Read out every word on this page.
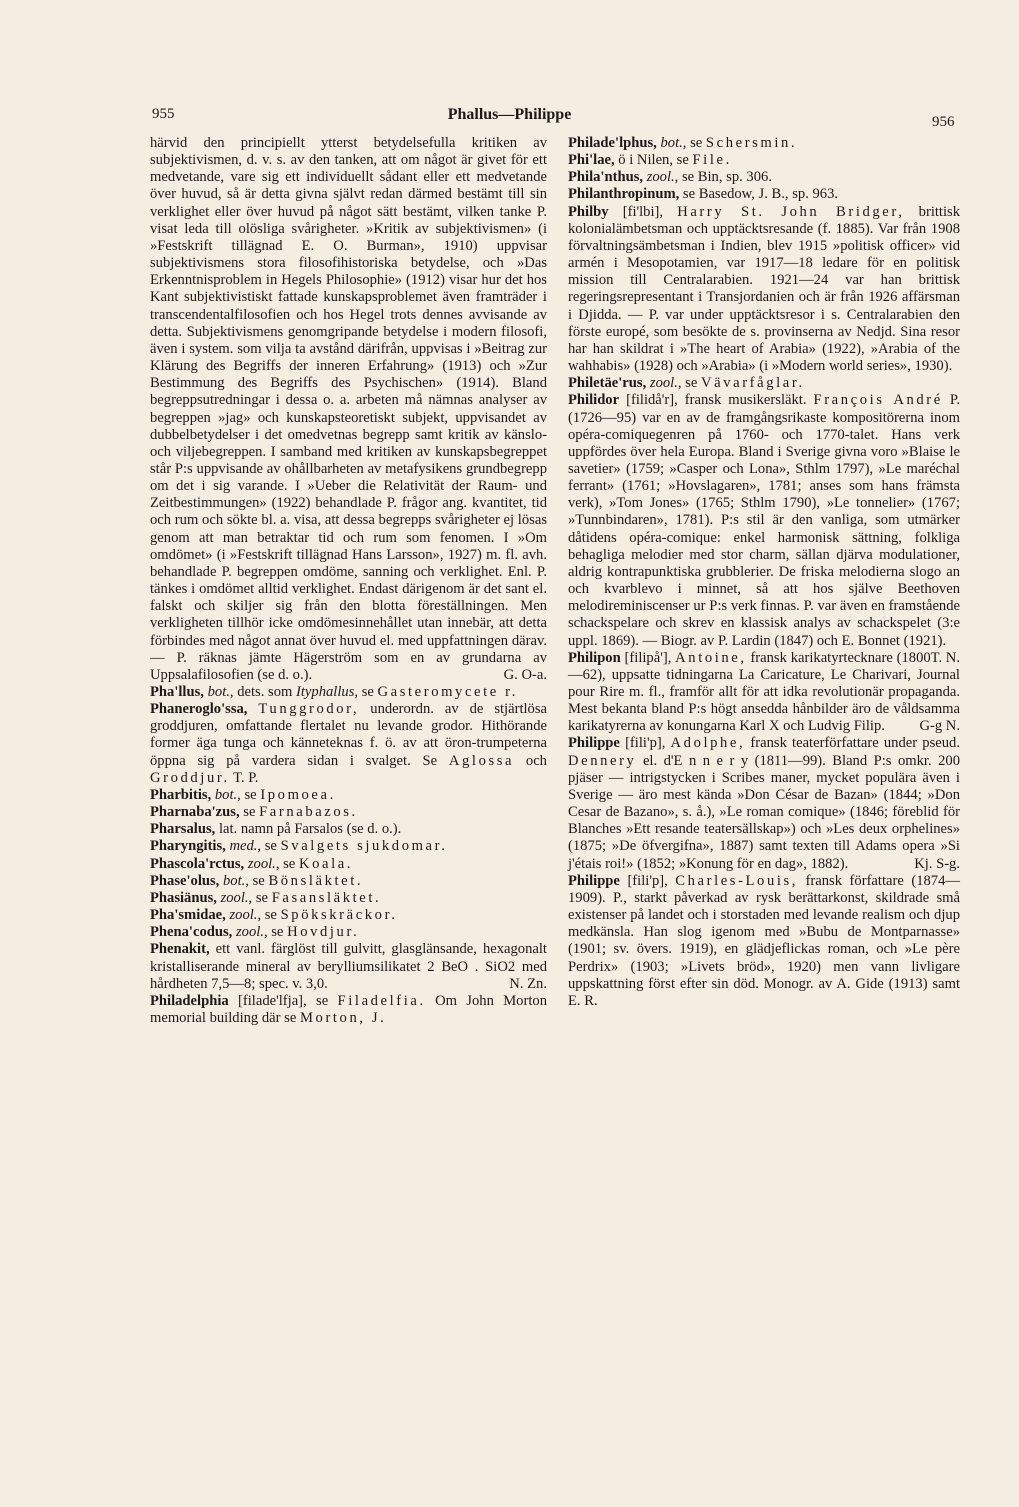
955	Phallus—Philippe	956

härvid den principiellt ytterst betydelsefulla kritiken av subjektivismen, d. v. s. av den tanken, att om något är givet för ett medvetande, vare sig ett individuellt sådant eller ett medvetande över huvud, så är detta givna självt redan därmed bestämt till sin verklighet eller över huvud på något sätt bestämt, vilken tanke P. visat leda till olösliga svårigheter. »Kritik av subjektivismen» (i »Festskrift tillägnad E. O. Burman», 1910) uppvisar subjektivismens stora filosofihistoriska betydelse, och »Das Erkenntnisproblem in Hegels Philosophie» (1912) visar hur det hos Kant subjektivistiskt fattade kunskapsproblemet även framträder i transcendentalfilosofien och hos Hegel trots dennes avvisande av detta. Subjektivismens genomgripande betydelse i modern filosofi, även i system. som vilja ta avstånd därifrån, uppvisas i »Beitrag zur Klärung des Begriffs der inneren Erfahrung» (1913) och »Zur Bestimmung des Begriffs des Psychischen» (1914). Bland begreppsutredningar i dessa o. a. arbeten må nämnas analyser av begreppen »jag» och kunskapsteoretiskt subjekt, uppvisandet av dubbelbetydelser i det omedvetnas begrepp samt kritik av känslo- och viljebegreppen. I samband med kritiken av kunskapsbegreppet står P:s uppvisande av ohållbarheten av metafysikens grundbegrepp om det i sig varande. I »Ueber die Relativität der Raum- und Zeitbestimmungen» (1922) behandlade P. frågor ang. kvantitet, tid och rum och sökte bl. a. visa, att dessa begrepps svårigheter ej lösas genom att man betraktar tid och rum som fenomen. I »Om omdömet» (i »Festskrift tillägnad Hans Larsson», 1927) m. fl. avh. behandlade P. begreppen omdöme, sanning och verklighet. Enl. P. tänkes i omdömet alltid verklighet. Endast därigenom är det sant el. falskt och skiljer sig från den blotta föreställningen. Men verkligheten tillhör icke omdömesinnehållet utan innebär, att detta förbindes med något annat över huvud el. med uppfattningen därav. — P. räknas jämte Hägerström som en av grundarna av Uppsalafilosofien (se d. o.).	G. O-a.

Pha'llus, bot., dets. som Ityphallus, se Gasteromycete r.

Phaneroglo'ssa, Tunggrodor, underordn. av de stjärtlösa groddjuren, omfattande flertalet nu levande grodor. Hithörande former äga tunga och känneteknas f. ö. av att öron-trumpeterna öppna sig på vardera sidan i svalget. Se Aglossa och Groddjur. T. P.

Pharbitis, bot., se Ipomoea.

Pharnaba'zus, se Farnabazos.

Pharsalus, lat. namn på Farsalos (se d. o.).

Pharyngitis, med., se Svalgets sjukdomar.

Phascola'rctus, zool., se Koala.

Phase'olus, bot., se Bönsläktet.

Phasiänus, zool., se Fasansläktet.

Pha'smidae, zool., se Spökskräckor.

Phena'codus, zool., se Hovdjur.

Phenakit, ett vanl. färglöst till gulvitt, glasglänsande, hexagonalt kristalliserande mineral av berylliumsilikatet 2 BeO . SiO2 med hårdheten 7,5—8; spec. v. 3,0.	N. Zn.

Philadelphia [filade'lfja], se Filadelfia. Om John Morton memorial building där se Morton, J.

Philade'lphus, bot., se Schersmin.

Phi'lae, ö i Nilen, se File.

Phila'nthus, zool., se Bin, sp. 306.

Philanthropinum, se Basedow, J. B., sp. 963.

Philby [fi'lbi], Harry St. John Bridger, brittisk kolonialämbetsman och upptäcktsresande (f. 1885). Var från 1908 förvaltningsämbetsman i Indien, blev 1915 »politisk officer» vid armén i Mesopotamien, var 1917—18 ledare för en politisk mission till Centralarabien. 1921—24 var han brittisk regeringsrepresentant i Transjordanien och är från 1926 affärsman i Djidda. — P. var under upptäcktsresor i s. Centralarabien den förste europé, som besökte de s. provinserna av Nedjd. Sina resor har han skildrat i »The heart of Arabia» (1922), »Arabia of the wahhabis» (1928) och »Arabia» (i »Modern world series», 1930).

Philetäe'rus, zool., se Vävarfåglar.

Philidor [filidå'r], fransk musikersläkt. François André P. (1726—95) var en av de framgångsrikaste kompositörerna inom opéra-comiquegenren på 1760- och 1770-talet. Hans verk uppfördes över hela Europa. Bland i Sverige givna voro »Blaise le savetier» (1759; »Casper och Lona», Sthlm 1797), »Le maréchal ferrant» (1761; »Hovslagaren», 1781; anses som hans främsta verk), »Tom Jones» (1765; Sthlm 1790), »Le tonnelier» (1767; »Tunnbindaren», 1781). P:s stil är den vanliga, som utmärker dåtidens opéra-comique: enkel harmonisk sättning, folkliga behagliga melodier med stor charm, sällan djärva modulationer, aldrig kontrapunktiska grubblerier. De friska melodierna slogo an och kvarblevo i minnet, så att hos själve Beethoven melodireminiscenser ur P:s verk finnas. P. var även en framstående schackspelare och skrev en klassisk analys av schackspelet (3:e uppl. 1869). — Biogr. av P. Lardin (1847) och E. Bonnet (1921).
T. N.

Philipon [filipå'], Antoine, fransk karikatyrtecknare (1800—62), uppsatte tidningarna La Caricature, Le Charivari, Journal pour Rire m. fl., framför allt för att idka revolutionär propaganda. Mest bekanta bland P:s högt ansedda hånbilder äro de våldsamma karikatyrerna av konungarna Karl X och Ludvig Filip. G-g N.

Philippe [fili'p], Adolphe, fransk teaterförfattare under pseud. Dennery el. d'E n n e r y (1811—99). Bland P:s omkr. 200 pjäser — intrigstycken i Scribes maner, mycket populära även i Sverige — äro mest kända »Don César de Bazan» (1844; »Don Cesar de Bazano», s. å.), »Le roman comique» (1846; föreblid för Blanches »Ett resande teatersällskap») och »Les deux orphelines» (1875; »De öfvergifna», 1887) samt texten till Adams opera »Si j'étais roi!» (1852; »Konung för en dag», 1882).	Kj. S-g.

Philippe [fili'p], Charles-Louis, fransk författare (1874—1909). P., starkt påverkad av rysk berättarkonst, skildrade små existenser på landet och i storstaden med levande realism och djup medkänsla. Han slog igenom med »Bubu de Montparnasse» (1901; sv. övers. 1919), en glädjeflickas roman, och »Le père Perdrix» (1903; »Livets bröd», 1920) men vann livligare uppskattning först efter sin död. Monogr. av A. Gide (1913) samt E. R.
